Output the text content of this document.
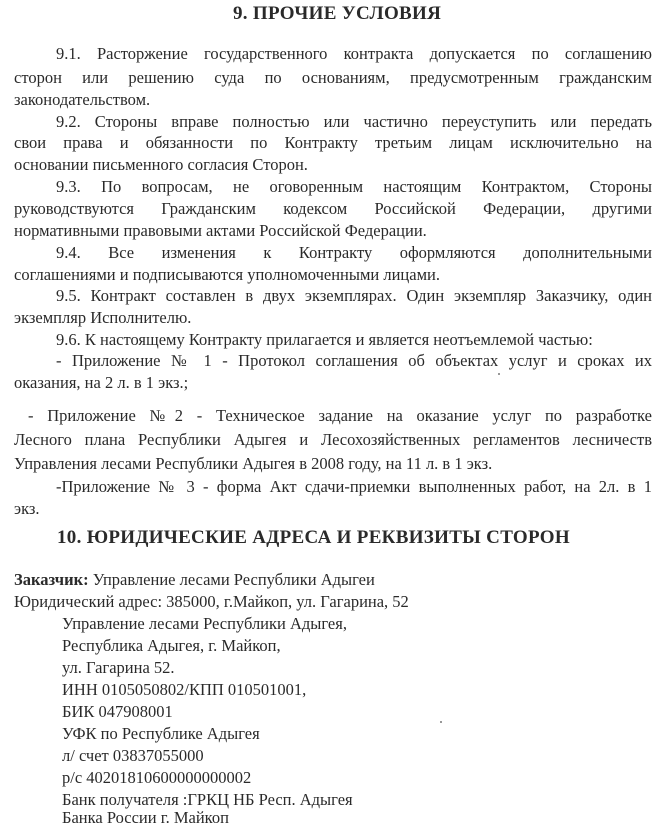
9. ПРОЧИЕ УСЛОВИЯ
9.1. Расторжение государственного контракта допускается по соглашению
сторон или решению суда по основаниям, предусмотренным гражданским
законодательством.
9.2. Стороны вправе полностью или частично переуступить или передать
свои права и обязанности по Контракту третьим лицам исключительно на
основании письменного согласия Сторон.
9.3. По вопросам, не оговоренным настоящим Контрактом, Стороны
руководствуются Гражданским кодексом Российской Федерации, другими
нормативными правовыми актами Российской Федерации.
9.4. Все изменения к Контракту оформляются дополнительными
соглашениями и подписываются уполномоченными лицами.
9.5. Контракт составлен в двух экземплярах. Один экземпляр Заказчику, один
экземпляр Исполнителю.
9.6. К настоящему Контракту прилагается и является неотъемлемой частью:
- Приложение № 1 - Протокол соглашения об объектах услуг и сроках их
оказания, на 2 л. в 1 экз.;
- Приложение №2 - Техническое задание на оказание услуг по разработке
Лесного плана Республики Адыгея и Лесохозяйственных регламентов лесничеств
Управления лесами Республики Адыгея в 2008 году, на 11 л. в 1 экз.
-Приложение № 3 - форма Акт сдачи-приемки выполненных работ, на 2л. в 1
экз.
10. ЮРИДИЧЕСКИЕ АДРЕСА И РЕКВИЗИТЫ СТОРОН
Заказчик: Управление лесами Республики Адыгеи
Юридический адрес: 385000, г.Майкоп, ул. Гагарина, 52
Управление лесами Республики Адыгея,
Республика Адыгея, г. Майкоп,
ул. Гагарина 52.
ИНН 0105050802/КПП 010501001,
БИК 047908001
УФК по Республике Адыгея
л/ счет 03837055000
р/с 40201810600000000002
Банк получателя :ГРКЦ НБ Респ. Адыгея
Банка России г. Майкоп
